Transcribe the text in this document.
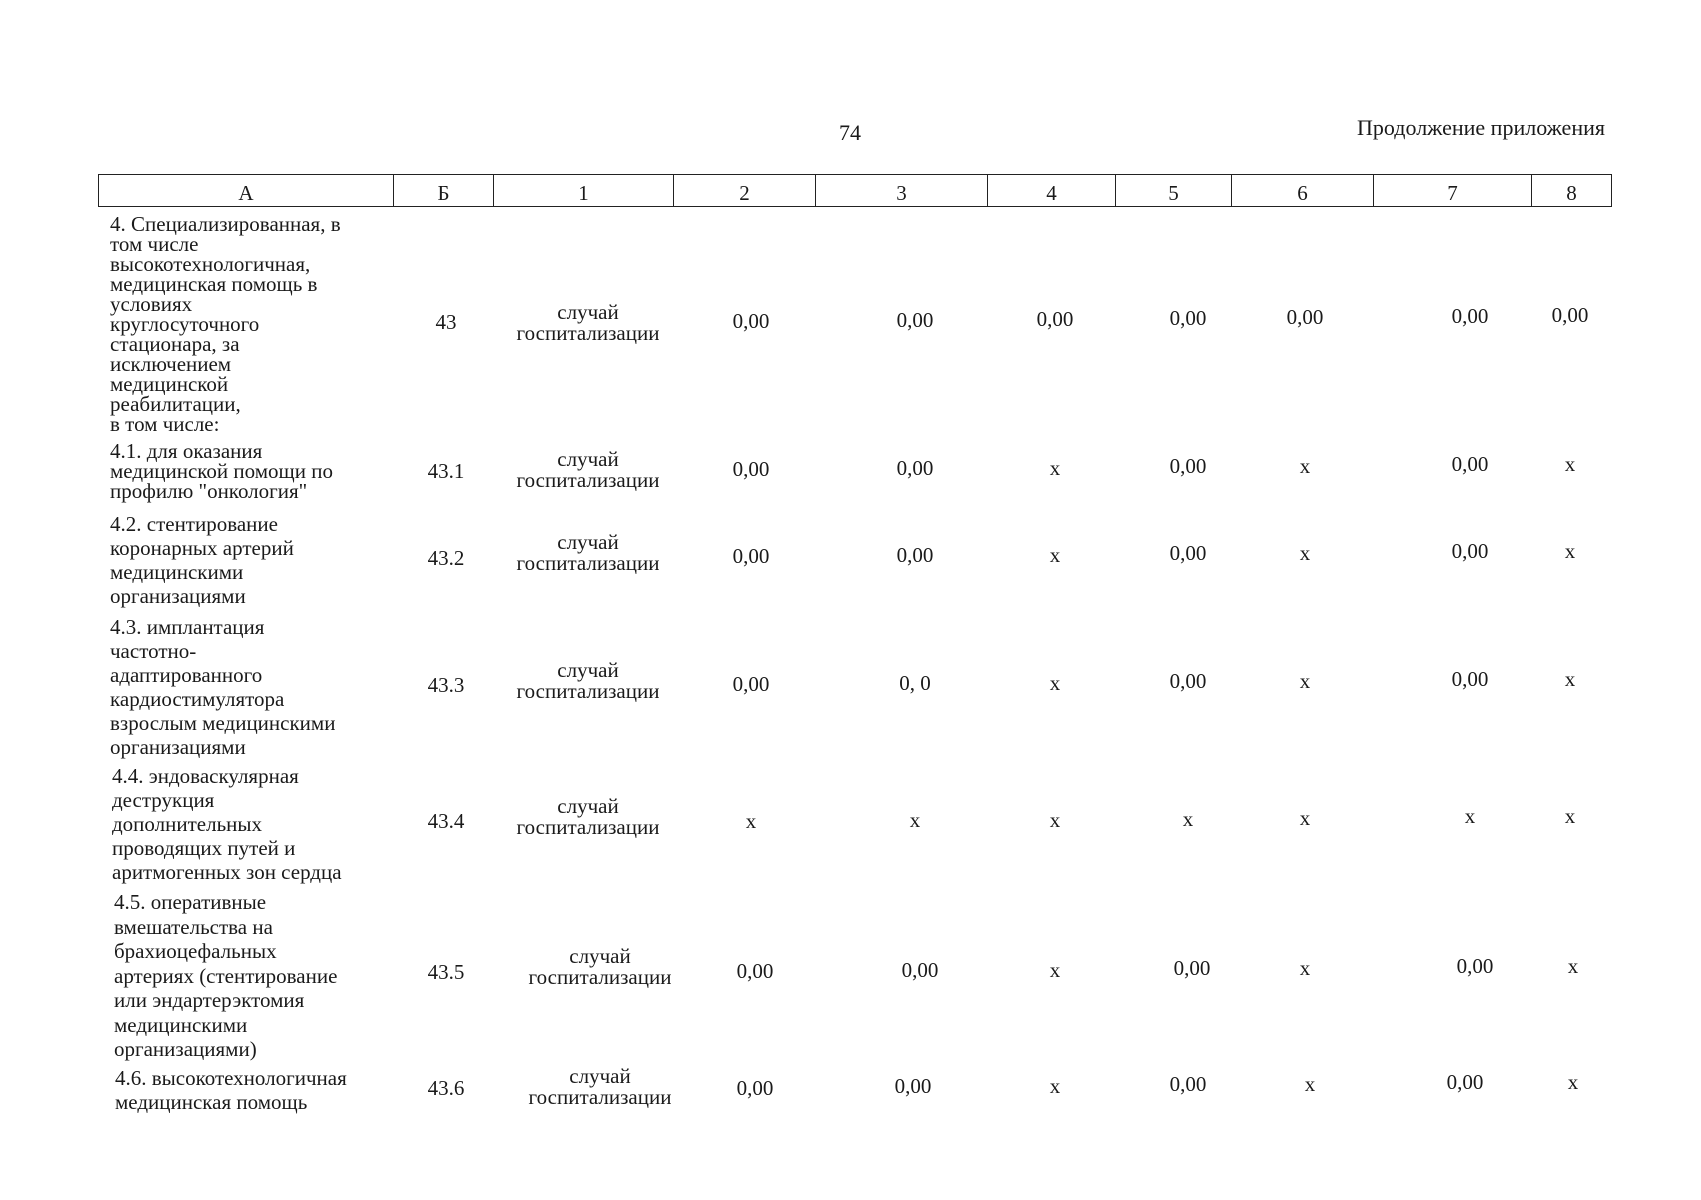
74	Продолжение приложения
А	Б	1	2	3	4	5	6	7	8
4. Специализированная, в
том числе
высокотехнологичная,
медицинская помощь в
условиях
круглосуточного
стационара, за
исключением
медицинской
реабилитации,
в том числе:
43	случай
госпитализации	0,00	0,00	0,00	0,00	0,00	0,00	0,00
4.1. для оказания
медицинской помощи по
профилю "онкология"
43.1	случай
госпитализации	0,00	0,00	х	0,00	х	0,00	х
4.2. стентирование
коронарных артерий
медицинскими
организациями
43.2
случай
госпитализации	0,00	0,00	х	0,00	х	0,00	х
4.3. имплантация
частотно-
адаптированного
кардиостимулятора
взрослым медицинскими
организациями
43.3
случай
госпитализации	0,00	0, 0	х	0,00	х	0,00	х
4.4. эндоваскулярная
деструкция
дополнительных
проводящих путей и
аритмогенных зон сердца
43.4
случай
госпитализации	х	х	х	х	х	х	х
4.5. оперативные
вмешательства на
брахиоцефальных
артериях (стентирование
или эндартерэктомия
медицинскими
организациями)
43.5
случай
госпитализации	0,00	0,00	х	0,00	х	0,00	х
4.6. высокотехнологичная
медицинская помощь
43.6	случай
госпитализации	0,00	0,00	х	0,00	х	0,00	х
